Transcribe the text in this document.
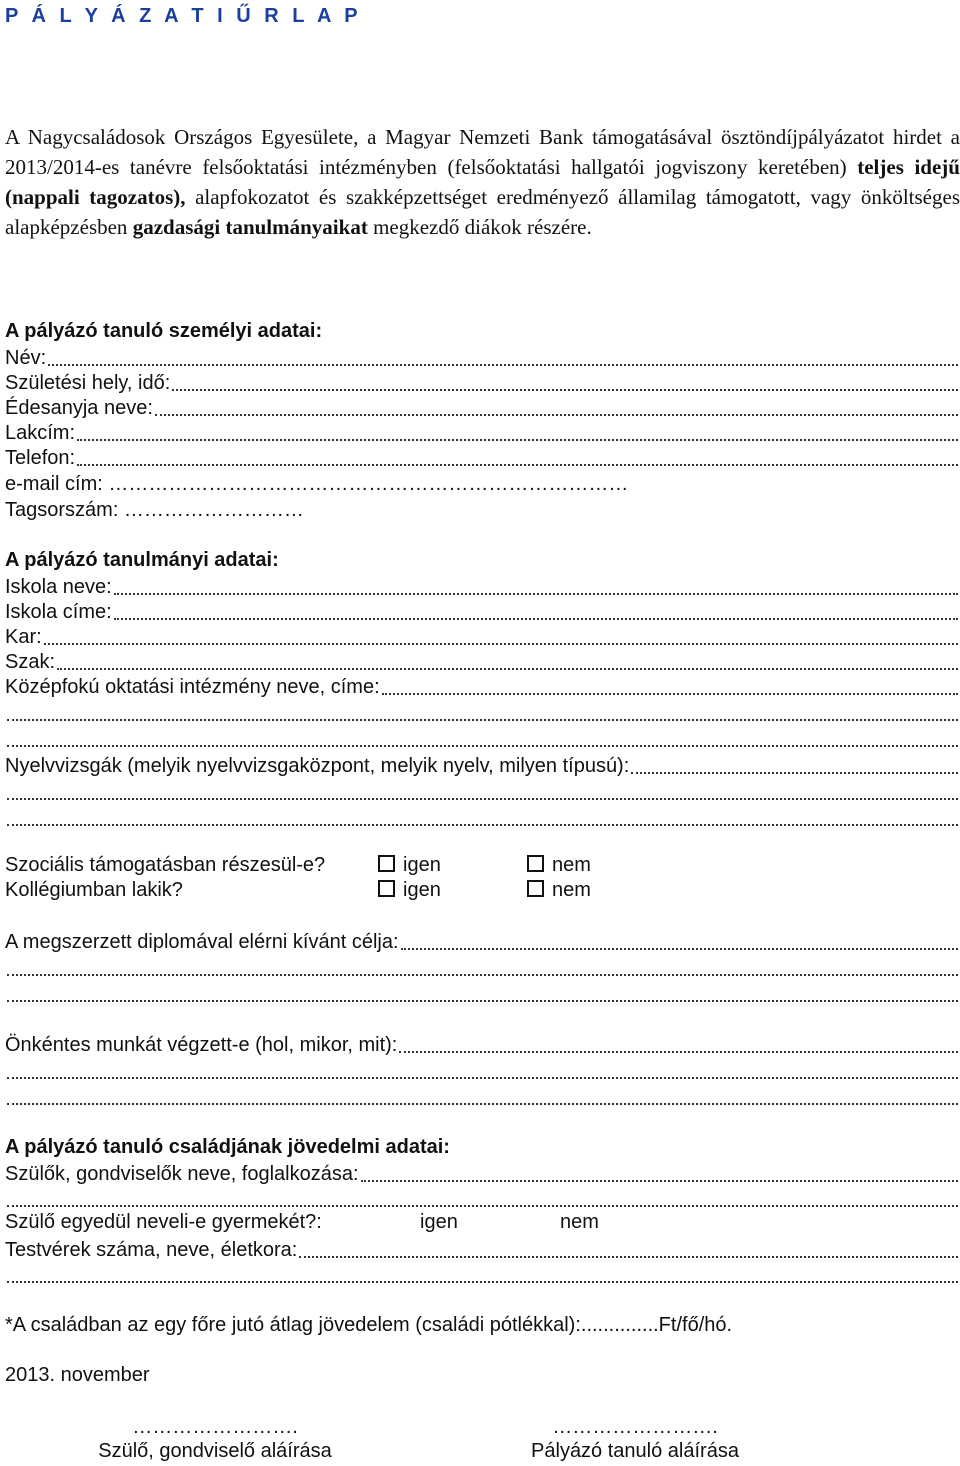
P Á L Y Á Z A T I Ű R L A P
A Nagycsaládosok Országos Egyesülete, a Magyar Nemzeti Bank támogatásával ösztöndíjpályázatot hirdet a 2013/2014-es tanévre felsőoktatási intézményben (felsőoktatási hallgatói jogviszony keretében) teljes idejű (nappali tagozatos), alapfokozatot és szakképzettséget eredményező államilag támogatott, vagy önköltséges alapképzésben gazdasági tanulmányaikat megkezdő diákok részére.
A pályázó tanuló személyi adatai:
Név:
Születési hely, idő:
Édesanyja neve:
Lakcím:
Telefon:
e-mail cím: ……………………………………………………………………
Tagsorszám: ………………………
A pályázó tanulmányi adatai:
Iskola neve:
Iskola címe:
Kar:
Szak:
Középfokú oktatási intézmény neve, címe:
Nyelvvizsgák (melyik nyelvvizsgaközpont, melyik nyelv, milyen típusú):
Szociális támogatásban részesül-e?	igen	nem
Kollégiumban lakik?	igen	nem
A megszerzett diplomával elérni kívánt célja:
Önkéntes munkát végzett-e (hol, mikor, mit):
A pályázó tanuló családjának jövedelmi adatai:
Szülők, gondviselők neve, foglalkozása:
Szülő egyedül neveli-e gyermekét?:	igen	nem
Testvérek száma, neve, életkora:
*A családban az egy főre jutó átlag jövedelem (családi pótlékkal):..............Ft/fő/hó.
2013. november
…………………….
Szülő, gondviselő aláírása
…………………….
Pályázó tanuló aláírása
